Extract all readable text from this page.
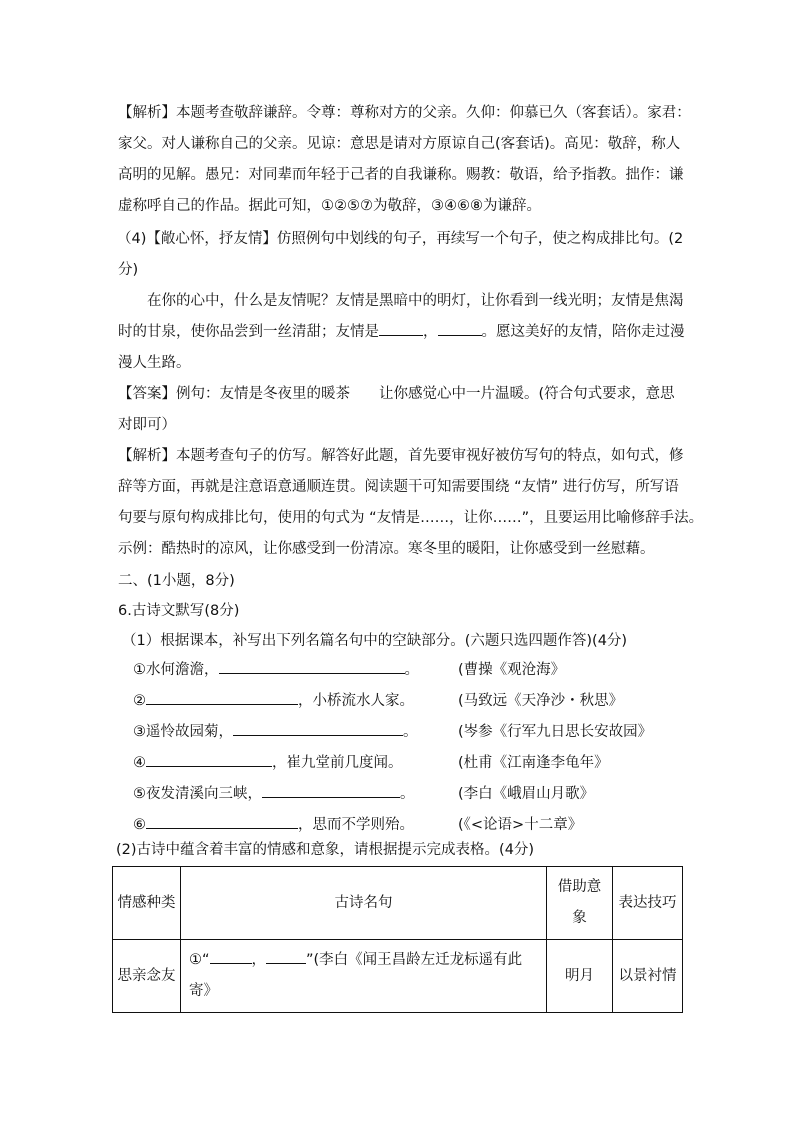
【解析】本题考查敬辞谦辞。令尊：尊称对方的父亲。久仰：仰慕已久（客套话）。家君：
家父。对人谦称自己的父亲。见谅：意思是请对方原谅自己(客套话)。高见：敬辞，称人
高明的见解。愚兄：对同辈而年轻于己者的自我谦称。赐教：敬语，给予指教。拙作：谦
虚称呼自己的作品。据此可知，①②⑤⑦为敬辞，③④⑥⑧为谦辞。
（4)【敞心怀，抒友情】仿照例句中划线的句子，再续写一个句子，使之构成排比句。(2
分)
在你的心中，什么是友情呢？友情是黑暗中的明灯，让你看到一线光明；友情是焦渴
时的甘泉，使你品尝到一丝清甜；友情是	，	。愿这美好的友情，陪你走过漫
漫人生路。
【答案】例句：友情是冬夜里的暖茶　　让你感觉心中一片温暖。(符合句式要求，意思
对即可）
【解析】本题考查句子的仿写。解答好此题，首先要审视好被仿写句的特点，如句式，修
辞等方面，再就是注意语意通顺连贯。阅读题干可知需要围绕 “友情” 进行仿写，所写语
句要与原句构成排比句，使用的句式为 “友情是……，让你……”，且要运用比喻修辞手法。
示例：酷热时的凉风，让你感受到一份清凉。寒冬里的暖阳，让你感受到一丝慰藉。
二、(1小题，8分)
6.古诗文默写(8分)
（1）根据课本，补写出下列名篇名句中的空缺部分。(六题只选四题作答)(4分)
①水何澹澹，	。	(曹操《观沧海》
②	，小桥流水人家。	(马致远《天净沙・秋思》
③遥怜故园菊，	。	(岑参《行军九日思长安故园》
④	，崔九堂前几度闻。	(杜甫《江南逢李龟年》
⑤夜发清溪向三峡，	。	(李白《峨眉山月歌》
⑥	，思而不学则殆。	(《<论语>十二章》
(2)古诗中蕴含着丰富的情感和意象，请根据提示完成表格。(4分)
情感种类	古诗名句	借助意象	表达技巧
思亲念友	①“ ， ”(李白《闻王昌龄左迁龙标遥有此寄》	明月	以景衬情
